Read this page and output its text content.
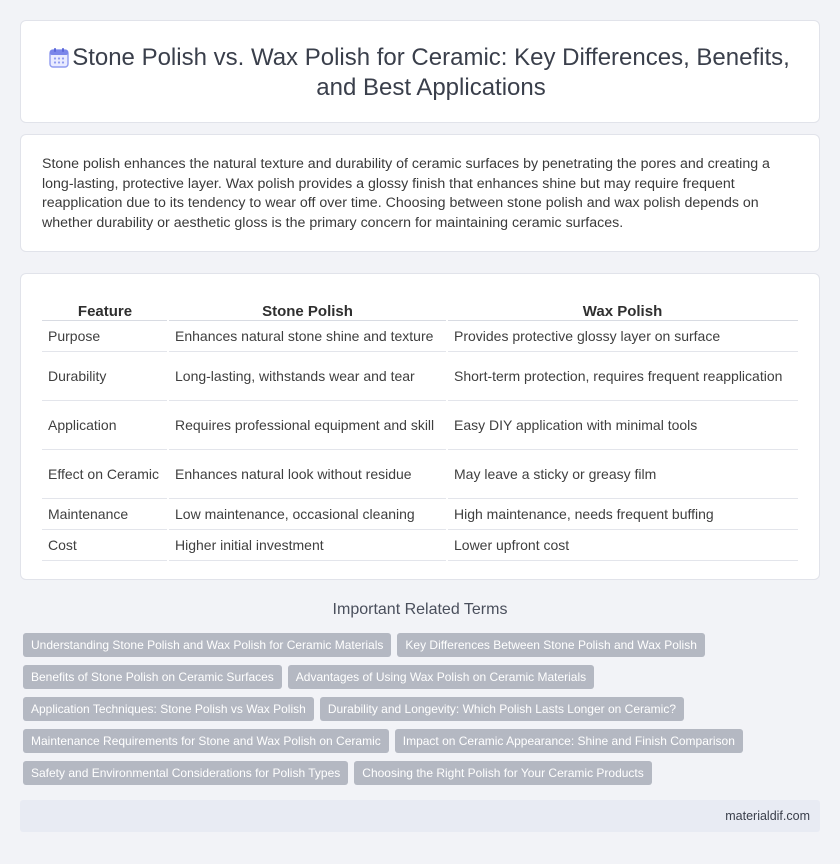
Stone Polish vs. Wax Polish for Ceramic: Key Differences, Benefits,
and Best Applications

Stone polish enhances the natural texture and durability of ceramic surfaces by penetrating the pores and creating a long-lasting, protective layer. Wax polish provides a glossy finish that enhances shine but may require frequent reapplication due to its tendency to wear off over time. Choosing between stone polish and wax polish depends on whether durability or aesthetic gloss is the primary concern for maintaining ceramic surfaces.

Feature	Stone Polish	Wax Polish
Purpose	Enhances natural stone shine and texture	Provides protective glossy layer on surface
Durability	Long-lasting, withstands wear and tear	Short-term protection, requires frequent reapplication
Application	Requires professional equipment and skill	Easy DIY application with minimal tools
Effect on Ceramic	Enhances natural look without residue	May leave a sticky or greasy film
Maintenance	Low maintenance, occasional cleaning	High maintenance, needs frequent buffing
Cost	Higher initial investment	Lower upfront cost
Important Related Terms
Understanding Stone Polish and Wax Polish for Ceramic Materials Key Differences Between Stone Polish and Wax Polish
Benefits of Stone Polish on Ceramic Surfaces Advantages of Using Wax Polish on Ceramic Materials
Application Techniques: Stone Polish vs Wax Polish Durability and Longevity: Which Polish Lasts Longer on Ceramic?
Maintenance Requirements for Stone and Wax Polish on Ceramic Impact on Ceramic Appearance: Shine and Finish Comparison
Safety and Environmental Considerations for Polish Types Choosing the Right Polish for Your Ceramic Products
materialdif.com
